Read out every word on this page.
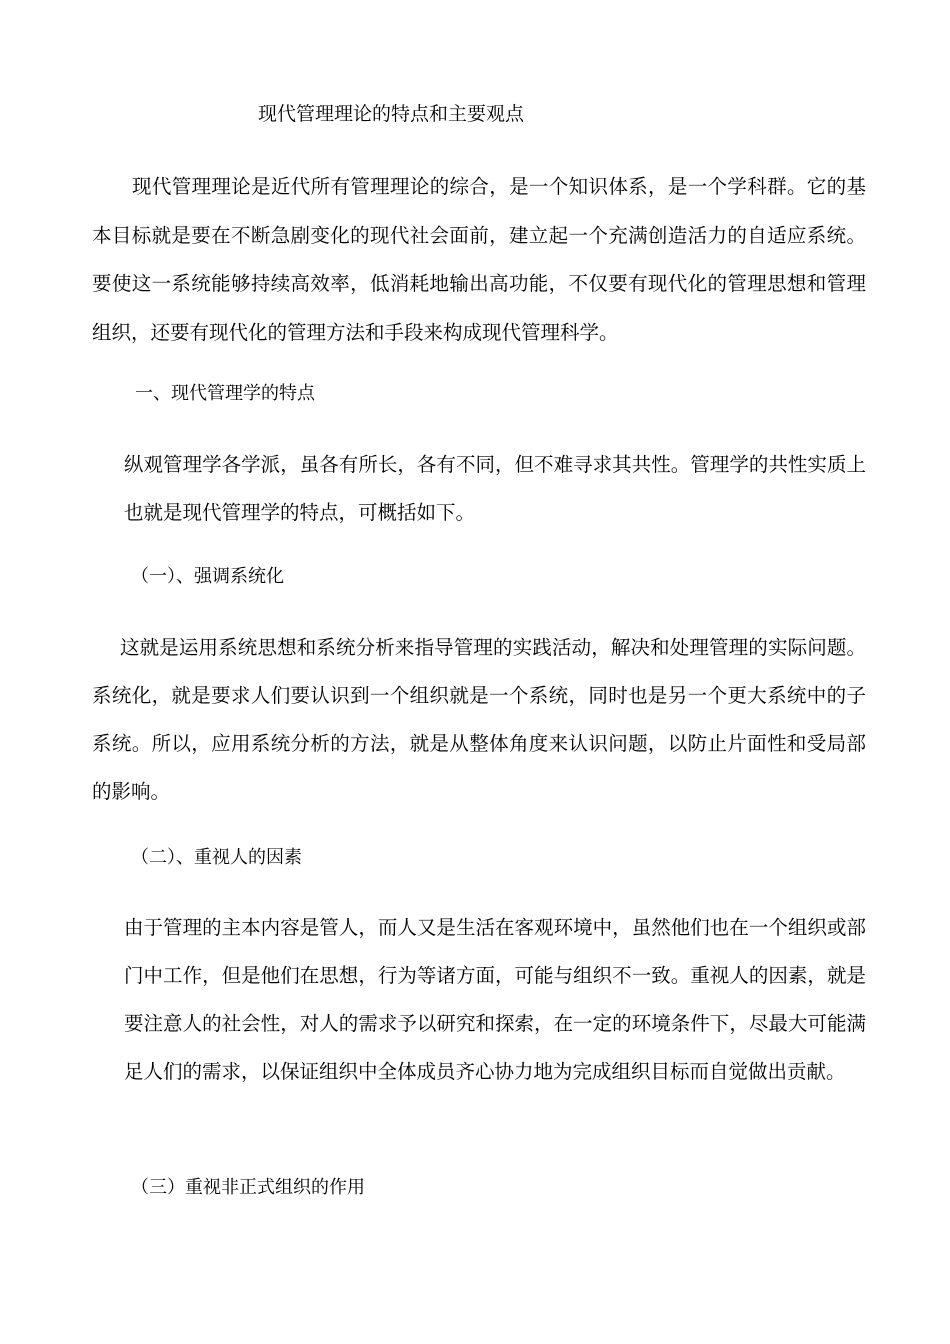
现代管理理论的特点和主要观点

现代管理理论是近代所有管理理论的综合，是一个知识体系，是一个学科群。它的基本目标就是要在不断急剧变化的现代社会面前，建立起一个充满创造活力的自适应系统。要使这一系统能够持续高效率，低消耗地输出高功能，不仅要有现代化的管理思想和管理组织，还要有现代化的管理方法和手段来构成现代管理科学。

一、现代管理学的特点

纵观管理学各学派，虽各有所长，各有不同，但不难寻求其共性。管理学的共性实质上也就是现代管理学的特点，可概括如下。

（一）、强调系统化

这就是运用系统思想和系统分析来指导管理的实践活动，解决和处理管理的实际问题。系统化，就是要求人们要认识到一个组织就是一个系统，同时也是另一个更大系统中的子系统。所以，应用系统分析的方法，就是从整体角度来认识问题，以防止片面性和受局部的影响。

（二）、重视人的因素

由于管理的主本内容是管人，而人又是生活在客观环境中，虽然他们也在一个组织或部门中工作，但是他们在思想，行为等诸方面，可能与组织不一致。重视人的因素，就是要注意人的社会性，对人的需求予以研究和探索，在一定的环境条件下，尽最大可能满足人们的需求，以保证组织中全体成员齐心协力地为完成组织目标而自觉做出贡献。

（三）重视非正式组织的作用
